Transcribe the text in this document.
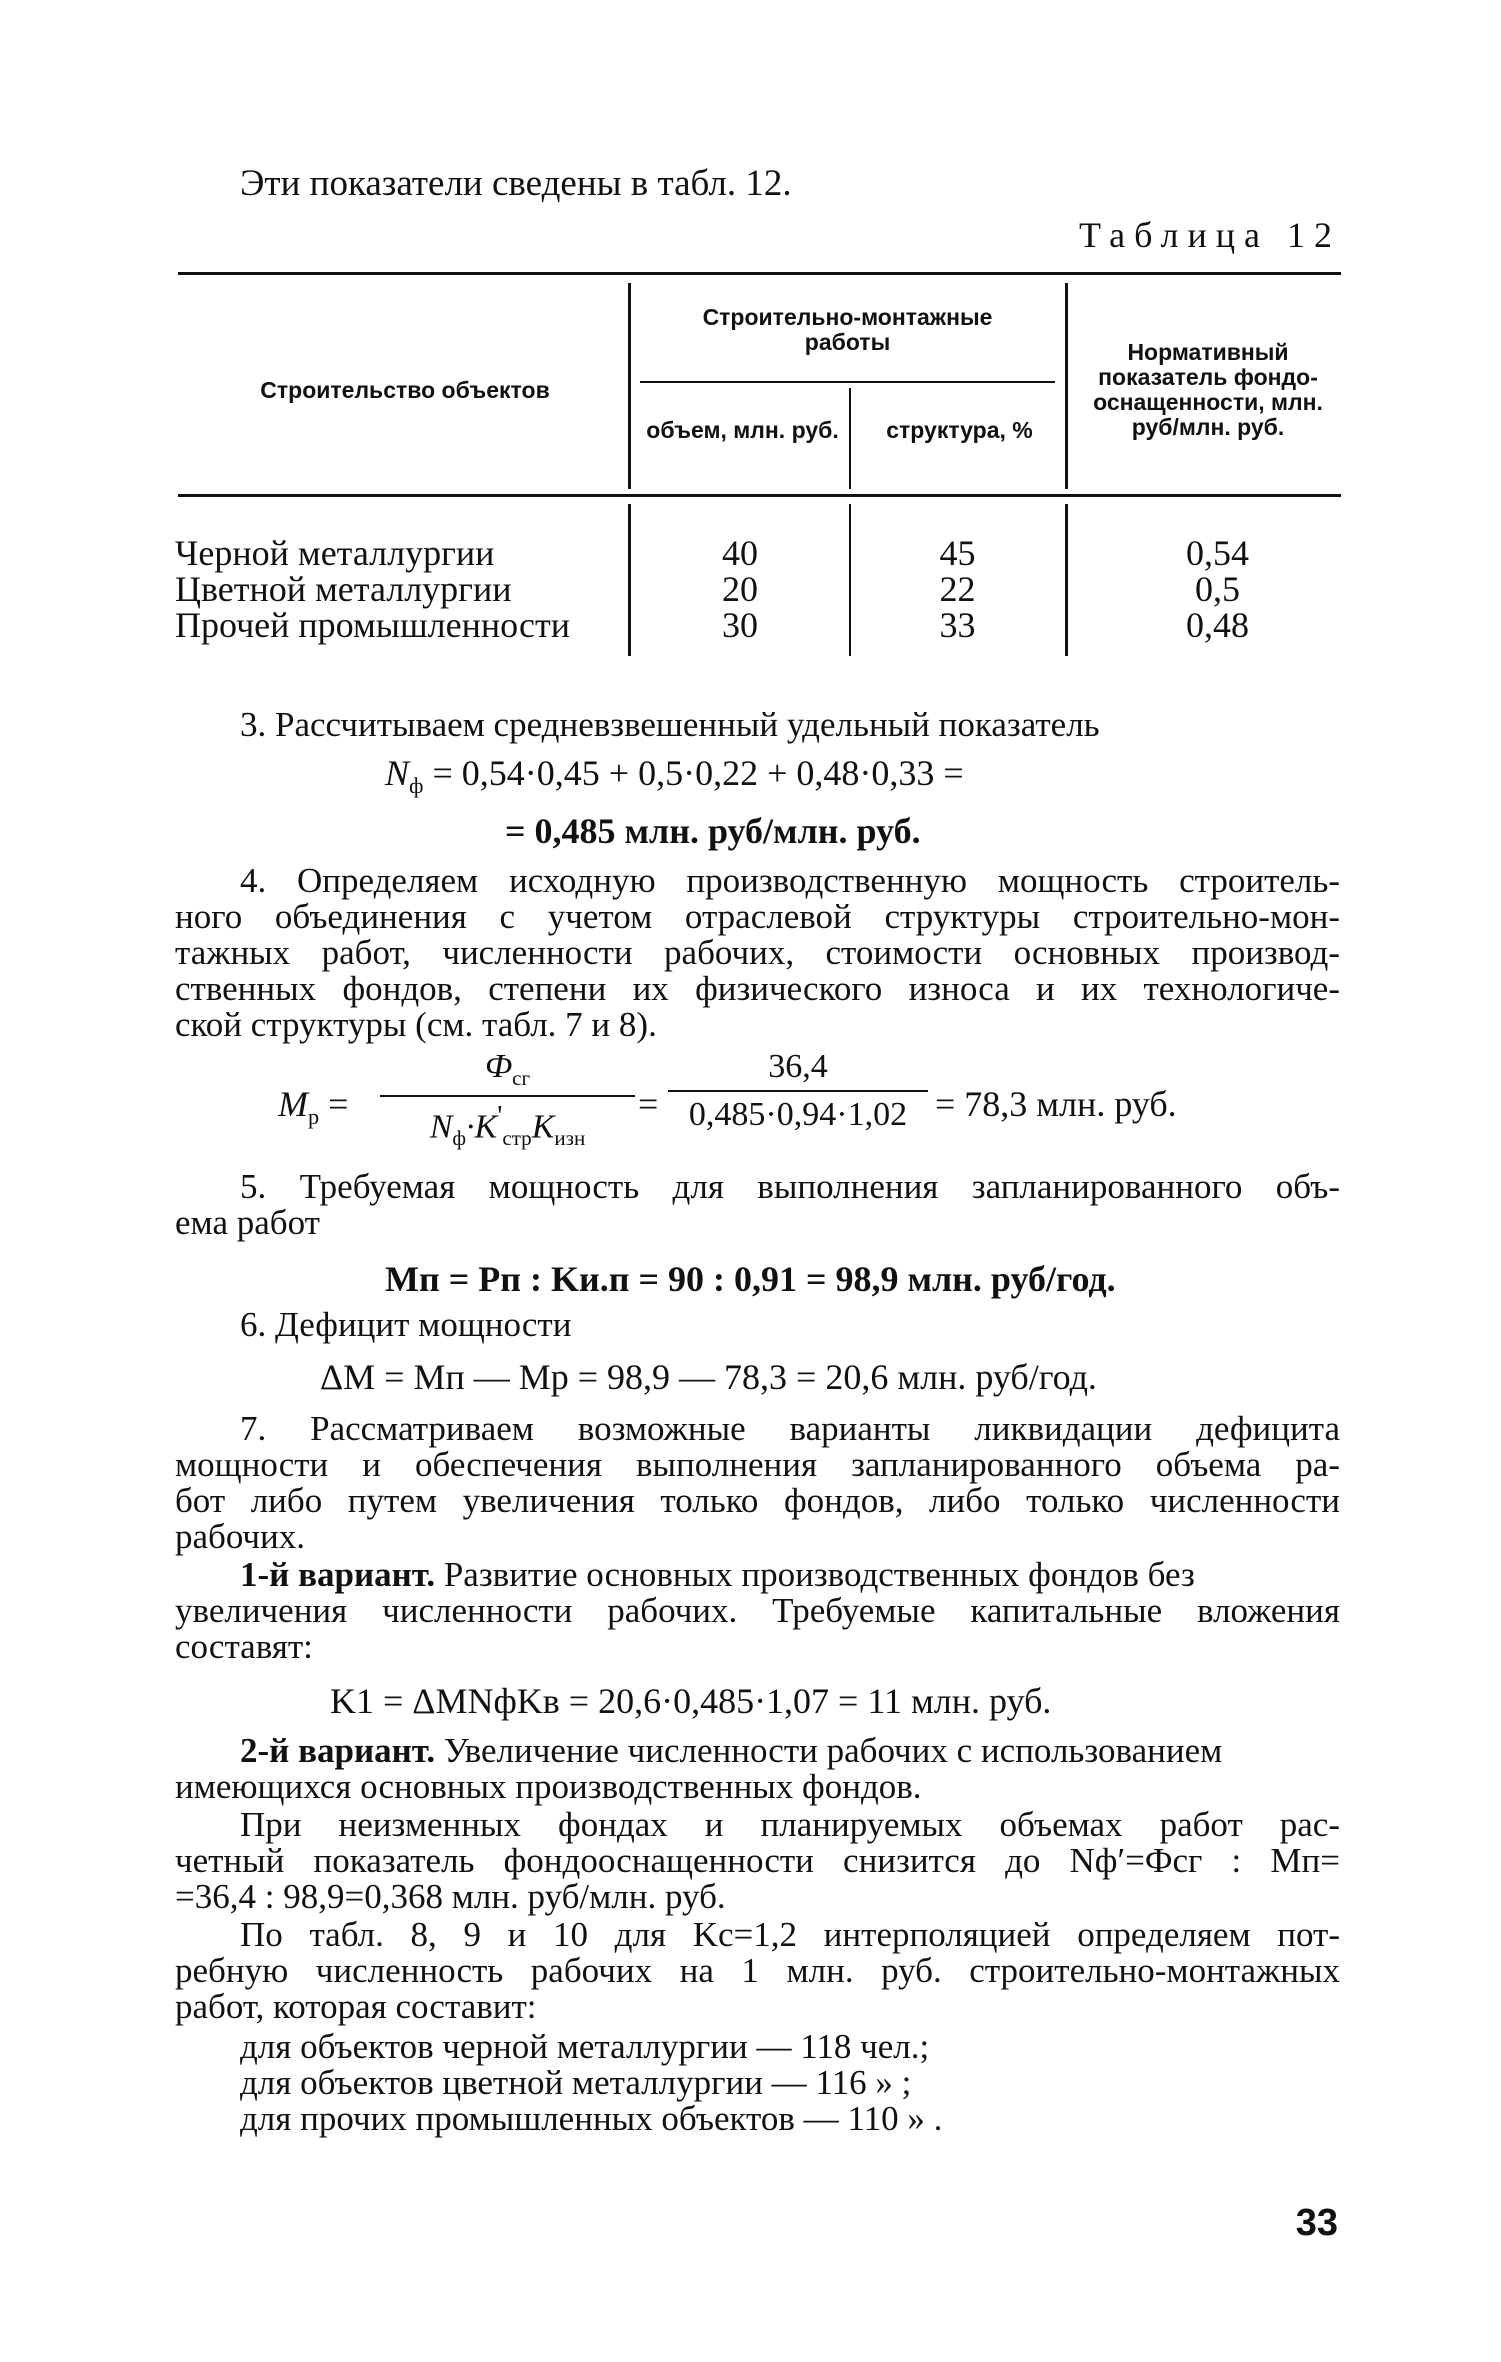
Эти показатели сведены в табл. 12.
Таблица 12
Строительство объектов
Строительно-монтажные работы
объем, млн. руб.	структура, %
Нормативный показатель фондо-оснащенности, млн. руб/млн. руб.
Черной металлургии	40	45	0,54
Цветной металлургии	20	22	0,5
Прочей промышленности	30	33	0,48
3. Рассчитываем средневзвешенный удельный показатель
$N_ф = 0,54\cdot 0,45 + 0,5\cdot 0,22 + 0,48\cdot 0,33$ =
= 0,485 млн. руб/млн. руб.
4. Определяем исходную производственную мощность строитель-
ного объединения с учетом отраслевой структуры строительно-мон-
тажных работ, численности рабочих, стоимости основных производ-
ственных фондов, степени их физического износа и их технологиче-
ской структуры (см. табл. 7 и 8).
$M_р$ =
$Ф_{сг}$
$N_ф\cdot K'_{стр}K_{изн}$
=
36,4
0,485·0,94·1,02 = 78,3 млн. руб.
5. Требуемая мощность для выполнения запланированного объ-
ема работ
Mп = Pп : Kи.п = 90 : 0,91 = 98,9 млн. руб/год.
6. Дефицит мощности
ΔM = Mп — Mр = 98,9 — 78,3 = 20,6 млн. руб/год.
7. Рассматриваем возможные варианты ликвидации дефицита
мощности и обеспечения выполнения запланированного объема ра-
бот либо путем увеличения только фондов, либо только численности
рабочих.
1-й вариант. Развитие основных производственных фондов без
увеличения численности рабочих. Требуемые капитальные вложения
составят:
K1 = ΔMNфKв = 20,6·0,485·1,07 = 11 млн. руб.
2-й вариант. Увеличение численности рабочих с использованием
имеющихся основных производственных фондов.
При неизменных фондах и планируемых объемах работ рас-
четный показатель фондооснащенности снизится до Nф′=Фсг : Mп=
=36,4 : 98,9=0,368 млн. руб/млн. руб.
По табл. 8, 9 и 10 для Kс=1,2 интерполяцией определяем пот-
ребную численность рабочих на 1 млн. руб. строительно-монтажных
работ, которая составит:
для объектов черной металлургии — 118 чел.;
для объектов цветной металлургии — 116 » ;
для прочих промышленных объектов — 110 » .
33
